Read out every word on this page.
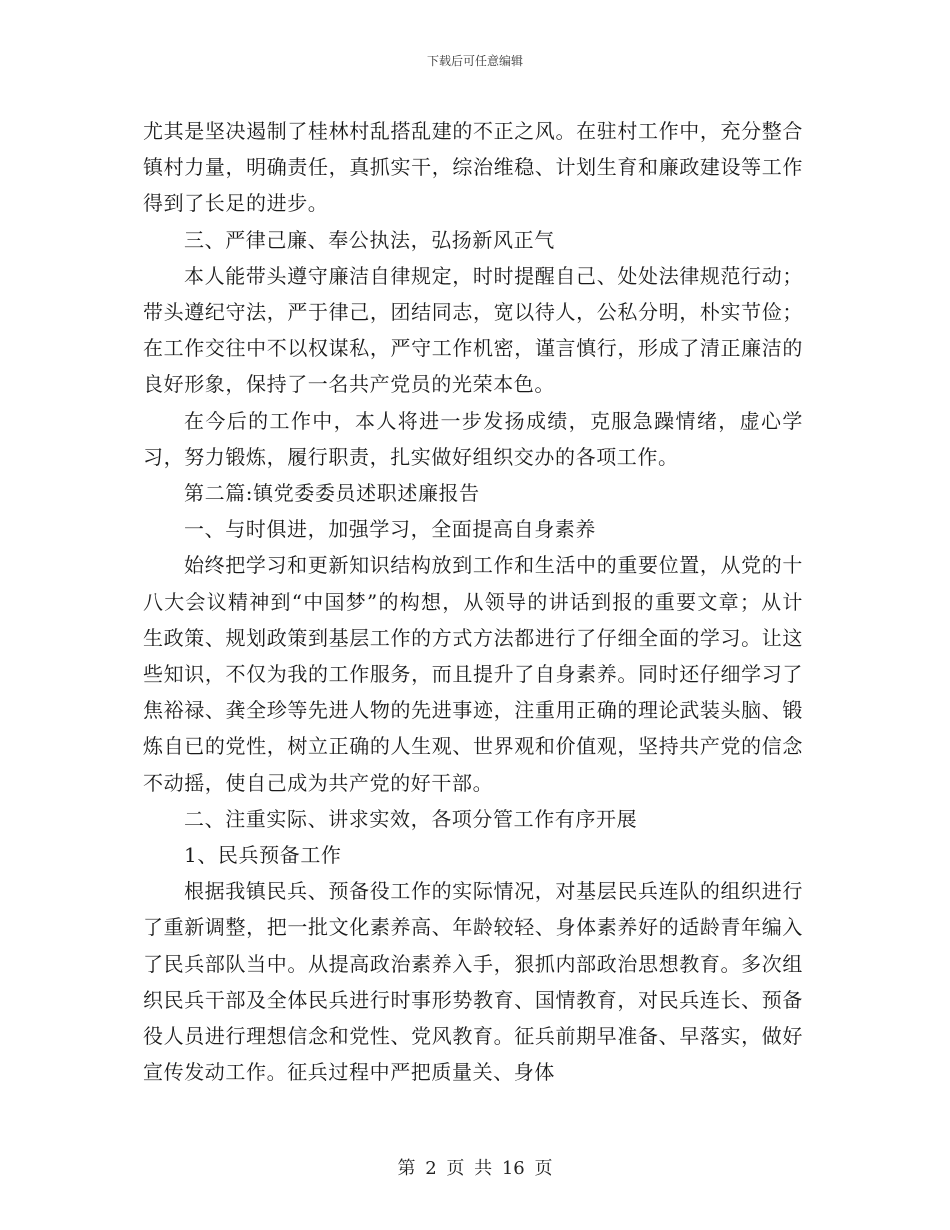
下载后可任意编辑

尤其是坚决遏制了桂林村乱搭乱建的不正之风。在驻村工作中，充分整合镇村力量，明确责任，真抓实干，综治维稳、计划生育和廉政建设等工作得到了长足的进步。

三、严律己廉、奉公执法，弘扬新风正气

本人能带头遵守廉洁自律规定，时时提醒自己、处处法律规范行动；带头遵纪守法，严于律己，团结同志，宽以待人，公私分明，朴实节俭；在工作交往中不以权谋私，严守工作机密，谨言慎行，形成了清正廉洁的良好形象，保持了一名共产党员的光荣本色。

在今后的工作中，本人将进一步发扬成绩，克服急躁情绪，虚心学习，努力锻炼，履行职责，扎实做好组织交办的各项工作。

第二篇:镇党委委员述职述廉报告

一、与时俱进，加强学习，全面提高自身素养

始终把学习和更新知识结构放到工作和生活中的重要位置，从党的十八大会议精神到“中国梦”的构想，从领导的讲话到报的重要文章；从计生政策、规划政策到基层工作的方式方法都进行了仔细全面的学习。让这些知识，不仅为我的工作服务，而且提升了自身素养。同时还仔细学习了焦裕禄、龚全珍等先进人物的先进事迹，注重用正确的理论武装头脑、锻炼自已的党性，树立正确的人生观、世界观和价值观，坚持共产党的信念不动摇，使自己成为共产党的好干部。

二、注重实际、讲求实效，各项分管工作有序开展

1、民兵预备工作

根据我镇民兵、预备役工作的实际情况，对基层民兵连队的组织进行了重新调整，把一批文化素养高、年龄较轻、身体素养好的适龄青年编入了民兵部队当中。从提高政治素养入手，狠抓内部政治思想教育。多次组织民兵干部及全体民兵进行时事形势教育、国情教育，对民兵连长、预备役人员进行理想信念和党性、党风教育。征兵前期早准备、早落实，做好宣传发动工作。征兵过程中严把质量关、身体

第 2 页 共 16 页
